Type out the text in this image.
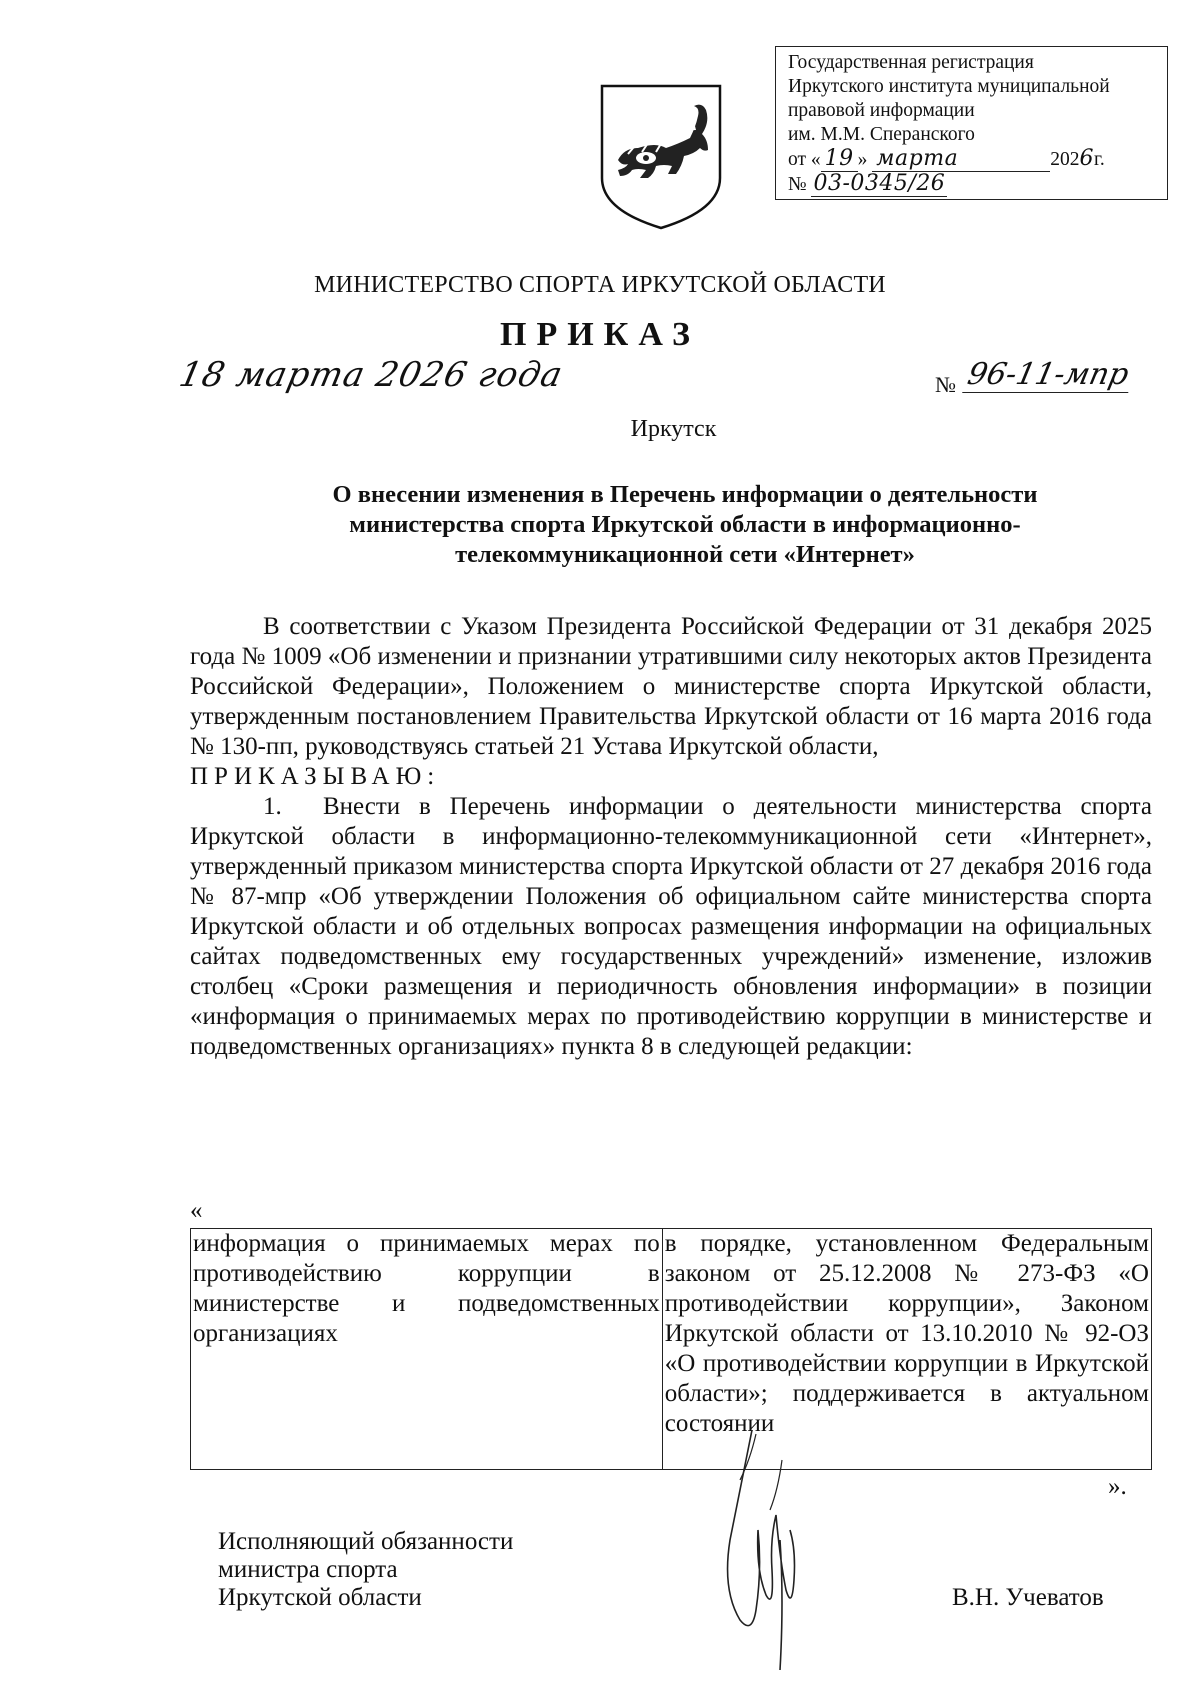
Государственная регистрация
Иркутского института муниципальной
правовой информации
им. М.М. Сперанского
от « 19 » марта	2026г.
№ 03-0345/26
МИНИСТЕРСТВО СПОРТА ИРКУТСКОЙ ОБЛАСТИ
ПРИКАЗ
18 марта 2026 года	№ 96-11-мпр
Иркутск
О внесении изменения в Перечень информации о деятельности
министерства спорта Иркутской области в информационно-
телекоммуникационной сети «Интернет»

В соответствии с Указом Президента Российской Федерации от 31 декабря 2025 года № 1009 «Об изменении и признании утратившими силу некоторых актов Президента Российской Федерации», Положением о министерстве спорта Иркутской области, утвержденным постановлением Правительства Иркутской области от 16 марта 2016 года № 130-пп, руководствуясь статьей 21 Устава Иркутской области,

ПРИКАЗЫВАЮ:

1. Внести в Перечень информации о деятельности министерства спорта Иркутской области в информационно-телекоммуникационной сети «Интернет», утвержденный приказом министерства спорта Иркутской области от 27 декабря 2016 года № 87-мпр «Об утверждении Положения об официальном сайте министерства спорта Иркутской области и об отдельных вопросах размещения информации на официальных сайтах подведомственных ему государственных учреждений» изменение, изложив столбец «Сроки размещения и периодичность обновления информации» в позиции «информация о принимаемых мерах по противодействию коррупции в министерстве и подведомственных организациях» пункта 8 в следующей редакции:

«
информация о принимаемых мерах по противодействию коррупции в министерстве и подведомственных организациях	в порядке, установленном Федеральным законом от 25.12.2008 № 273-ФЗ «О противодействии коррупции», Законом Иркутской области от 13.10.2010 № 92-ОЗ «О противодействии коррупции в Иркутской области»; поддерживается в актуальном состоянии
».
Исполняющий обязанности
министра спорта
Иркутской области	В.Н. Учеватов
